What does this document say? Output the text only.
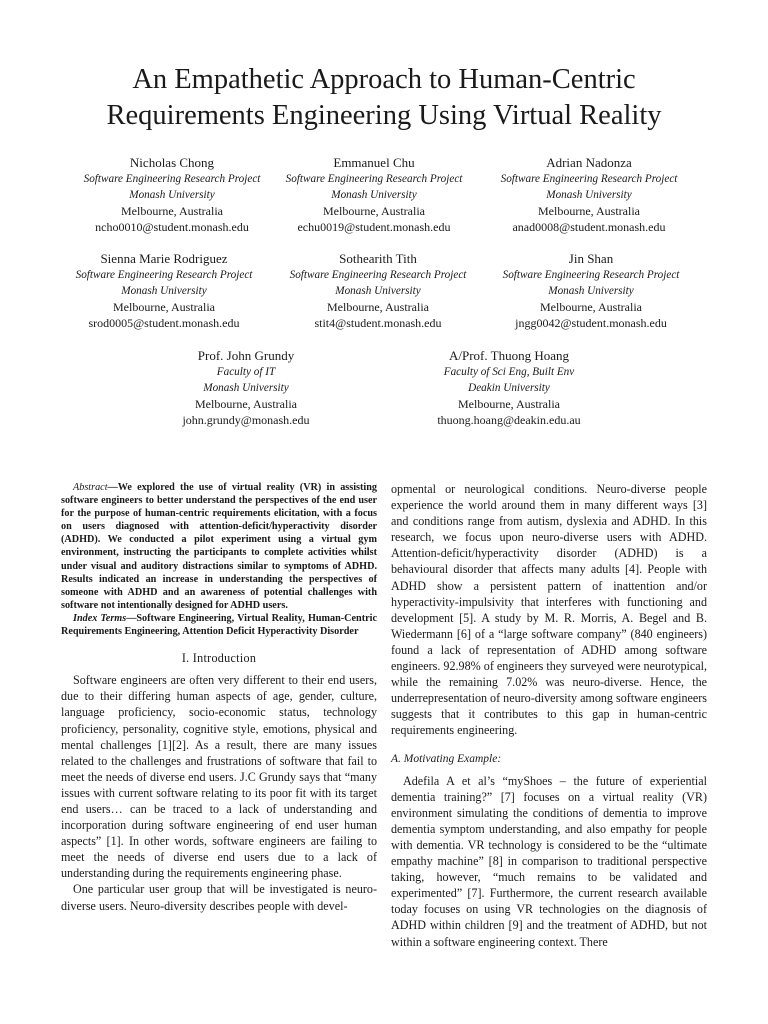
An Empathetic Approach to Human-Centric
Requirements Engineering Using Virtual Reality
Nicholas Chong
Software Engineering Research Project
Monash University
Melbourne, Australia
ncho0010@student.monash.edu
Emmanuel Chu
Software Engineering Research Project
Monash University
Melbourne, Australia
echu0019@student.monash.edu
Adrian Nadonza
Software Engineering Research Project
Monash University
Melbourne, Australia
anad0008@student.monash.edu
Sienna Marie Rodriguez
Software Engineering Research Project
Monash University
Melbourne, Australia
srod0005@student.monash.edu
Sothearith Tith
Software Engineering Research Project
Monash University
Melbourne, Australia
stit4@student.monash.edu
Jin Shan
Software Engineering Research Project
Monash University
Melbourne, Australia
jngg0042@student.monash.edu
Prof. John Grundy
Faculty of IT
Monash University
Melbourne, Australia
john.grundy@monash.edu
A/Prof. Thuong Hoang
Faculty of Sci Eng, Built Env
Deakin University
Melbourne, Australia
thuong.hoang@deakin.edu.au

Abstract—We explored the use of virtual reality (VR) in assisting software engineers to better understand the perspectives of the end user for the purpose of human-centric requirements elicitation, with a focus on users diagnosed with attention-deficit/hyperactivity disorder (ADHD). We conducted a pilot experiment using a virtual gym environment, instructing the participants to complete activities whilst under visual and auditory distractions similar to symptoms of ADHD. Results indicated an increase in understanding the perspectives of someone with ADHD and an awareness of potential challenges with software not intentionally designed for ADHD users.

Index Terms—Software Engineering, Virtual Reality, Human-Centric Requirements Engineering, Attention Deficit Hyperactivity Disorder

I. Introduction

Software engineers are often very different to their end users, due to their differing human aspects of age, gender, culture, language proficiency, socio-economic status, technology proficiency, personality, cognitive style, emotions, physical and mental challenges [1][2]. As a result, there are many issues related to the challenges and frustrations of software that fail to meet the needs of diverse end users. J.C Grundy says that “many issues with current software relating to its poor fit with its target end users… can be traced to a lack of understanding and incorporation during software engineering of end user human aspects” [1]. In other words, software engineers are failing to meet the needs of diverse end users due to a lack of understanding during the requirements engineering phase.

One particular user group that will be investigated is neuro-diverse users. Neuro-diversity describes people with devel-

opmental or neurological conditions. Neuro-diverse people experience the world around them in many different ways [3] and conditions range from autism, dyslexia and ADHD. In this research, we focus upon neuro-diverse users with ADHD. Attention-deficit/hyperactivity disorder (ADHD) is a behavioural disorder that affects many adults [4]. People with ADHD show a persistent pattern of inattention and/or hyperactivity-impulsivity that interferes with functioning and development [5]. A study by M. R. Morris, A. Begel and B. Wiedermann [6] of a “large software company” (840 engineers) found a lack of representation of ADHD among software engineers. 92.98% of engineers they surveyed were neurotypical, while the remaining 7.02% was neuro-diverse. Hence, the underrepresentation of neuro-diversity among software engineers suggests that it contributes to this gap in human-centric requirements engineering.

A. Motivating Example:

Adefila A et al’s “myShoes – the future of experiential dementia training?” [7] focuses on a virtual reality (VR) environment simulating the conditions of dementia to improve dementia symptom understanding, and also empathy for people with dementia. VR technology is considered to be the “ultimate empathy machine” [8] in comparison to traditional perspective taking, however, “much remains to be validated and experimented” [7]. Furthermore, the current research available today focuses on using VR technologies on the diagnosis of ADHD within children [9] and the treatment of ADHD, but not within a software engineering context. There
